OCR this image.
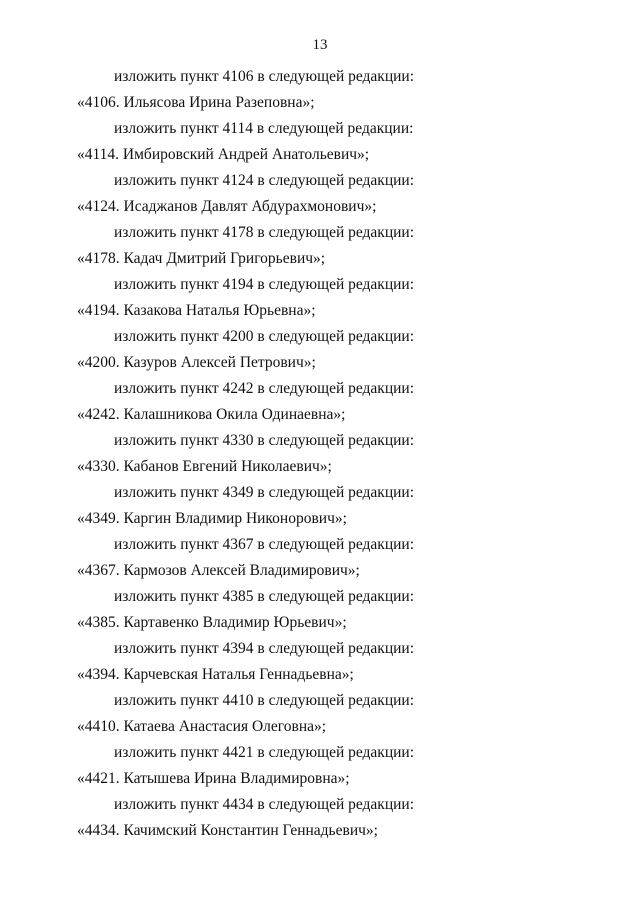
13
изложить пункт 4106 в следующей редакции:
«4106. Ильясова Ирина Разеповна»;
изложить пункт 4114 в следующей редакции:
«4114. Имбировский Андрей Анатольевич»;
изложить пункт 4124 в следующей редакции:
«4124. Исаджанов Давлят Абдурахмонович»;
изложить пункт 4178 в следующей редакции:
«4178. Кадач Дмитрий Григорьевич»;
изложить пункт 4194 в следующей редакции:
«4194. Казакова Наталья Юрьевна»;
изложить пункт 4200 в следующей редакции:
«4200. Казуров Алексей Петрович»;
изложить пункт 4242 в следующей редакции:
«4242. Калашникова Окила Одинаевна»;
изложить пункт 4330 в следующей редакции:
«4330. Кабанов Евгений Николаевич»;
изложить пункт 4349 в следующей редакции:
«4349. Каргин Владимир Никонорович»;
изложить пункт 4367 в следующей редакции:
«4367. Кармозов Алексей Владимирович»;
изложить пункт 4385 в следующей редакции:
«4385. Картавенко Владимир Юрьевич»;
изложить пункт 4394 в следующей редакции:
«4394. Карчевская Наталья Геннадьевна»;
изложить пункт 4410 в следующей редакции:
«4410. Катаева Анастасия Олеговна»;
изложить пункт 4421 в следующей редакции:
«4421. Катышева Ирина Владимировна»;
изложить пункт 4434 в следующей редакции:
«4434. Качимский Константин Геннадьевич»;
